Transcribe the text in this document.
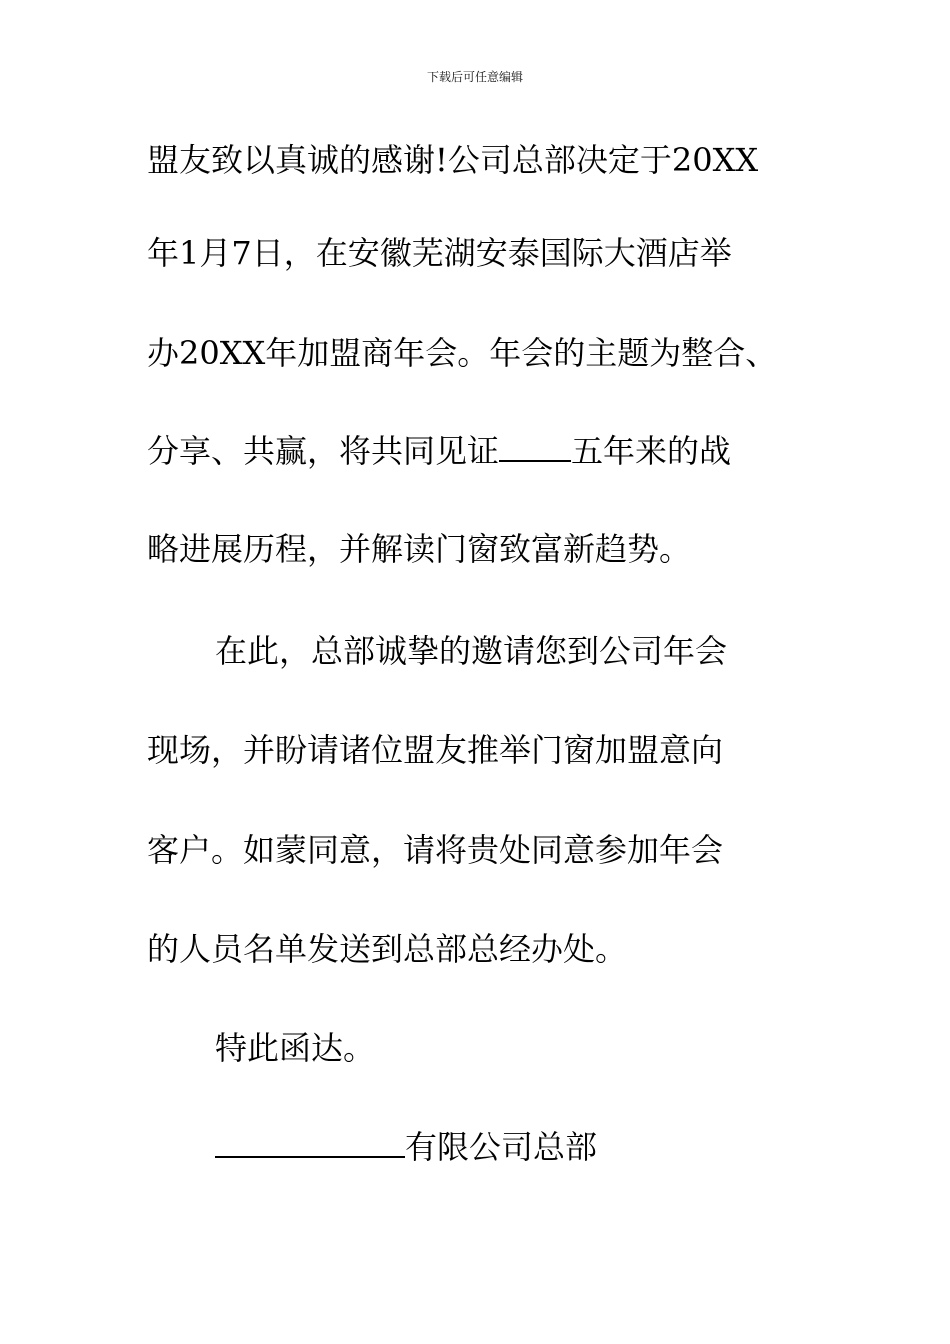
下载后可任意编辑
盟友致以真诚的感谢!公司总部决定于20XX
年1月7日，在安徽芜湖安泰国际大酒店举
办20XX年加盟商年会。年会的主题为整合、
分享、共赢，将共同见证 五年来的战
略进展历程，并解读门窗致富新趋势。
在此，总部诚挚的邀请您到公司年会
现场，并盼请诸位盟友推举门窗加盟意向
客户。如蒙同意，请将贵处同意参加年会
的人员名单发送到总部总经办处。
特此函达。
有限公司总部
